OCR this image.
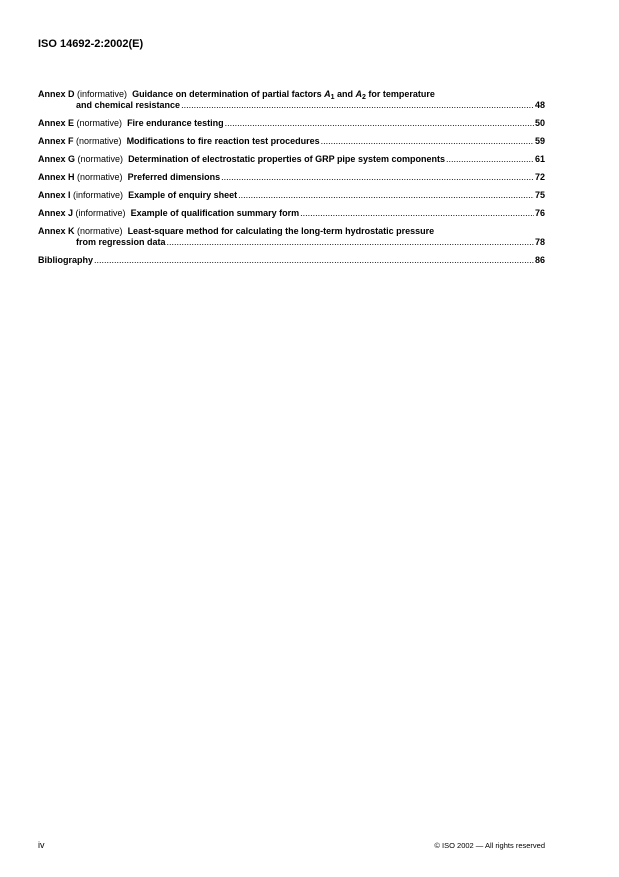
ISO 14692-2:2002(E)
Annex D
(informative)
Guidance on determination of partial factors $A_1$ and $A_2$ for temperature
and chemical resistance .....	48
Annex E
(normative)
Fire endurance testing .....	50
Annex F
(normative)
Modifications to fire reaction test procedures .....	59
Annex G
(normative)
Determination of electrostatic properties of GRP pipe system components .....	61
Annex H
(normative)
Preferred dimensions .....	72
Annex I
(informative)
Example of enquiry sheet .....	75
Annex J
(informative)
Example of qualification summary form .....	76
Annex K
(normative)
Least-square method for calculating the long-term hydrostatic pressure
from regression data .....	78
Bibliography .....	86
iv	© ISO 2002 — All rights reserved
